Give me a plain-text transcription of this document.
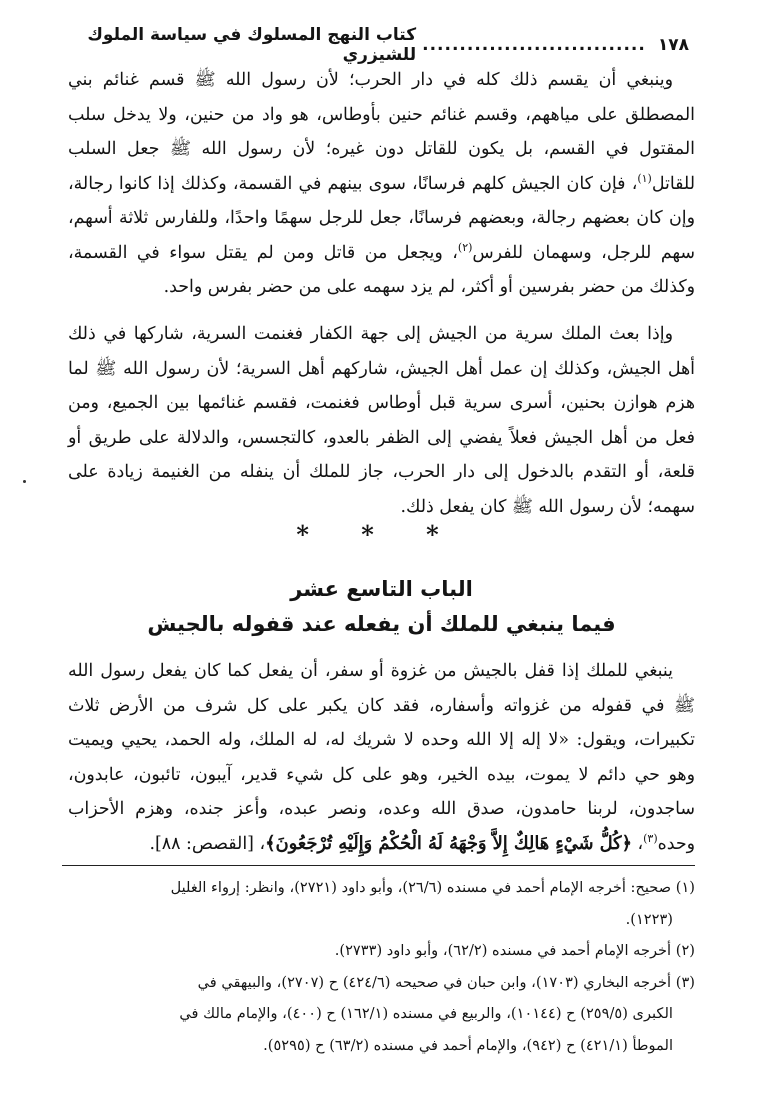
١٧٨
..............................
كتاب النهج المسلوك في سياسة الملوك للشيزري

وينبغي أن يقسم ذلك كله في دار الحرب؛ لأن رسول الله ﷺ قسم غنائم بني المصطلق على مياههم، وقسم غنائم حنين بأوطاس، هو واد من حنين، ولا يدخل سلب المقتول في القسم، بل يكون للقاتل دون غيره؛ لأن رسول الله ﷺ جعل السلب للقاتل$^{(١)}$، فإن كان الجيش كلهم فرسانًا، سوى بينهم في القسمة، وكذلك إذا كانوا رجالة، وإن كان بعضهم رجالة، وبعضهم فرسانًا، جعل للرجل سهمًا واحدًا، وللفارس ثلاثة أسهم، سهم للرجل، وسهمان للفرس$^{(٢)}$، ويجعل من قاتل ومن لم يقتل سواء في القسمة، وكذلك من حضر بفرسين أو أكثر، لم يزد سهمه على من حضر بفرس واحد.

وإذا بعث الملك سرية من الجيش إلى جهة الكفار فغنمت السرية، شاركها في ذلك أهل الجيش، وكذلك إن عمل أهل الجيش، شاركهم أهل السرية؛ لأن رسول الله ﷺ لما هزم هوازن بحنين، أسرى سرية قبل أوطاس فغنمت، فقسم غنائمها بين الجميع، ومن فعل من أهل الجيش فعلاً يفضي إلى الظفر بالعدو، كالتجسس، والدلالة على طريق أو قلعة، أو التقدم بالدخول إلى دار الحرب، جاز للملك أن ينفله من الغنيمة زيادة على سهمه؛ لأن رسول الله ﷺ كان يفعل ذلك.

* * *
الباب التاسع عشر
فيما ينبغي للملك أن يفعله عند قفوله بالجيش

ينبغي للملك إذا قفل بالجيش من غزوة أو سفر، أن يفعل كما كان يفعل رسول الله ﷺ في قفوله من غزواته وأسفاره، فقد كان يكبر على كل شرف من الأرض ثلاث تكبيرات، ويقول: «لا إله إلا الله وحده لا شريك له، له الملك، وله الحمد، يحيي ويميت وهو حي دائم لا يموت، بيده الخير، وهو على كل شيء قدير، آيبون، تائبون، عابدون، ساجدون، لربنا حامدون، صدق الله وعده، ونصر عبده، وأعز جنده، وهزم الأحزاب وحده$^{(٣)}$، ﴿كُلُّ شَيْءٍ هَالِكٌ إِلاَّ وَجْهَهُ لَهُ الْحُكْمُ وَإِلَيْهِ تُرْجَعُونَ﴾، [القصص: ٨٨].

(١) صحيح: أخرجه الإمام أحمد في مسنده (٢٦/٦)، وأبو داود (٢٧٢١)، وانظر: إرواء الغليل

(١٢٢٣).

(٢) أخرجه الإمام أحمد في مسنده (٦٢/٢)، وأبو داود (٢٧٣٣).

(٣) أخرجه البخاري (١٧٠٣)، وابن حبان في صحيحه (٤٢٤/٦) ح (٢٧٠٧)، والبيهقي في

الكبرى (٢٥٩/٥) ح (١٠١٤٤)، والربيع في مسنده (١٦٢/١) ح (٤٠٠)، والإمام مالك في

الموطأ (٤٢١/١) ح (٩٤٢)، والإمام أحمد في مسنده (٦٣/٢) ح (٥٢٩٥).
